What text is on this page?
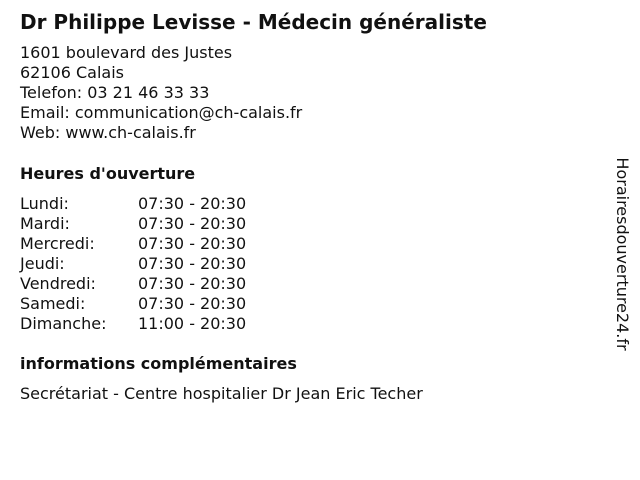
Dr Philippe Levisse - Médecin généraliste
1601 boulevard des Justes
62106 Calais
Telefon: 03 21 46 33 33
Email: communication@ch-calais.fr
Web: www.ch-calais.fr
Heures d'ouverture
Lundi:	07:30 - 20:30
Mardi:	07:30 - 20:30
Mercredi:	07:30 - 20:30
Jeudi:	07:30 - 20:30
Vendredi:	07:30 - 20:30
Samedi:	07:30 - 20:30
Dimanche: 11:00 - 20:30
informations complémentaires
Secrétariat - Centre hospitalier Dr Jean Eric Techer
Horairesdouverture24.fr
